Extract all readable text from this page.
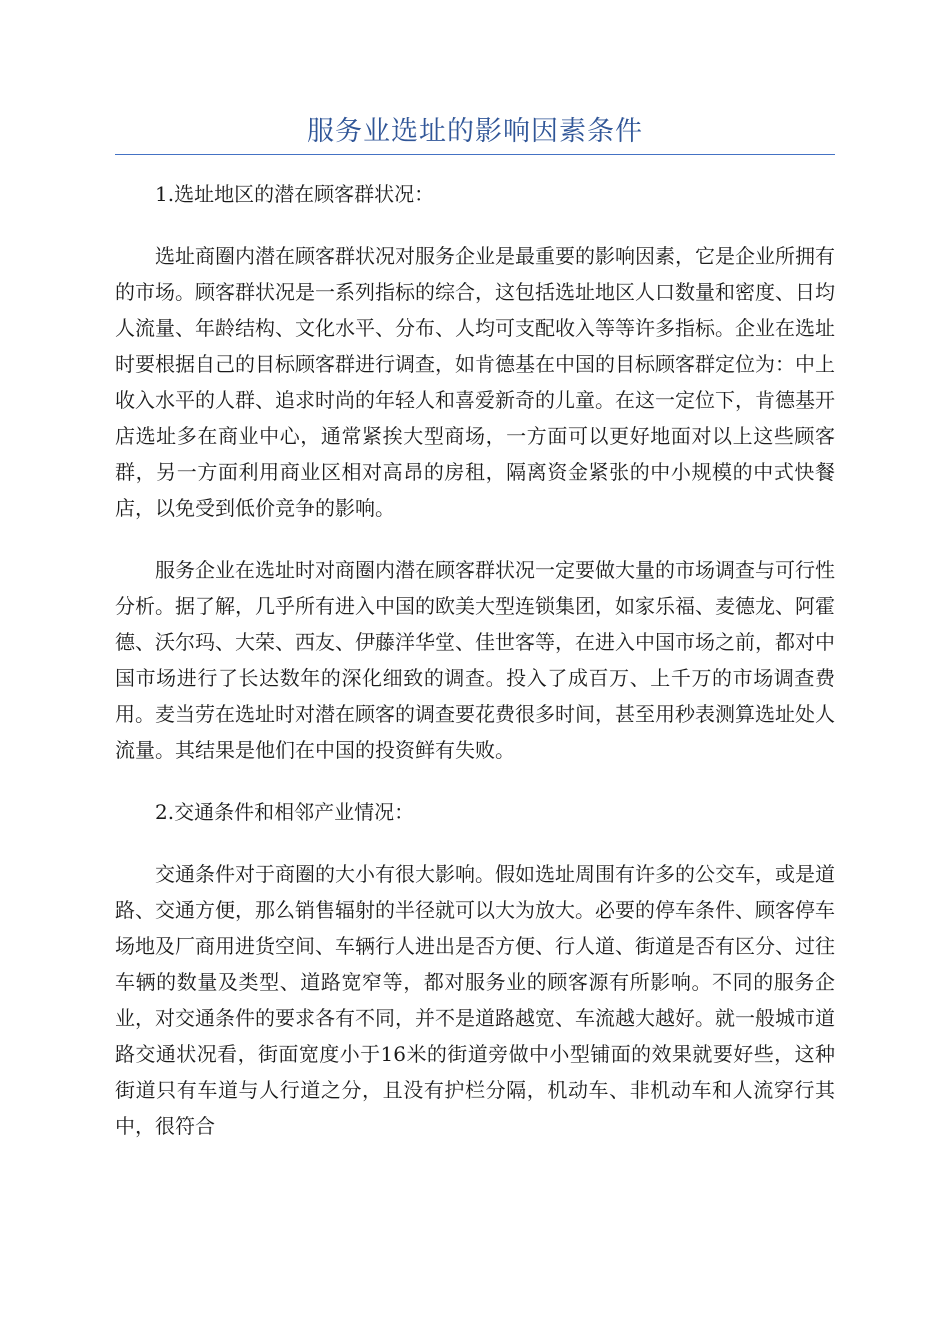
服务业选址的影响因素条件

1.选址地区的潜在顾客群状况：

选址商圈内潜在顾客群状况对服务企业是最重要的影响因素，它是企业所拥有的市场。顾客群状况是一系列指标的综合，这包括选址地区人口数量和密度、日均人流量、年龄结构、文化水平、分布、人均可支配收入等等许多指标。企业在选址时要根据自己的目标顾客群进行调查，如肯德基在中国的目标顾客群定位为：中上收入水平的人群、追求时尚的年轻人和喜爱新奇的儿童。在这一定位下，肯德基开店选址多在商业中心，通常紧挨大型商场，一方面可以更好地面对以上这些顾客群，另一方面利用商业区相对高昂的房租，隔离资金紧张的中小规模的中式快餐店，以免受到低价竞争的影响。

服务企业在选址时对商圈内潜在顾客群状况一定要做大量的市场调查与可行性分析。据了解，几乎所有进入中国的欧美大型连锁集团，如家乐福、麦德龙、阿霍德、沃尔玛、大荣、西友、伊藤洋华堂、佳世客等，在进入中国市场之前，都对中国市场进行了长达数年的深化细致的调查。投入了成百万、上千万的市场调查费用。麦当劳在选址时对潜在顾客的调查要花费很多时间，甚至用秒表测算选址处人流量。其结果是他们在中国的投资鲜有失败。

2.交通条件和相邻产业情况：

交通条件对于商圈的大小有很大影响。假如选址周围有许多的公交车，或是道路、交通方便，那么销售辐射的半径就可以大为放大。必要的停车条件、顾客停车场地及厂商用进货空间、车辆行人进出是否方便、行人道、街道是否有区分、过往车辆的数量及类型、道路宽窄等，都对服务业的顾客源有所影响。不同的服务企业，对交通条件的要求各有不同，并不是道路越宽、车流越大越好。就一般城市道路交通状况看，街面宽度小于16米的街道旁做中小型铺面的效果就要好些，这种街道只有车道与人行道之分，且没有护栏分隔，机动车、非机动车和人流穿行其中，很符合
